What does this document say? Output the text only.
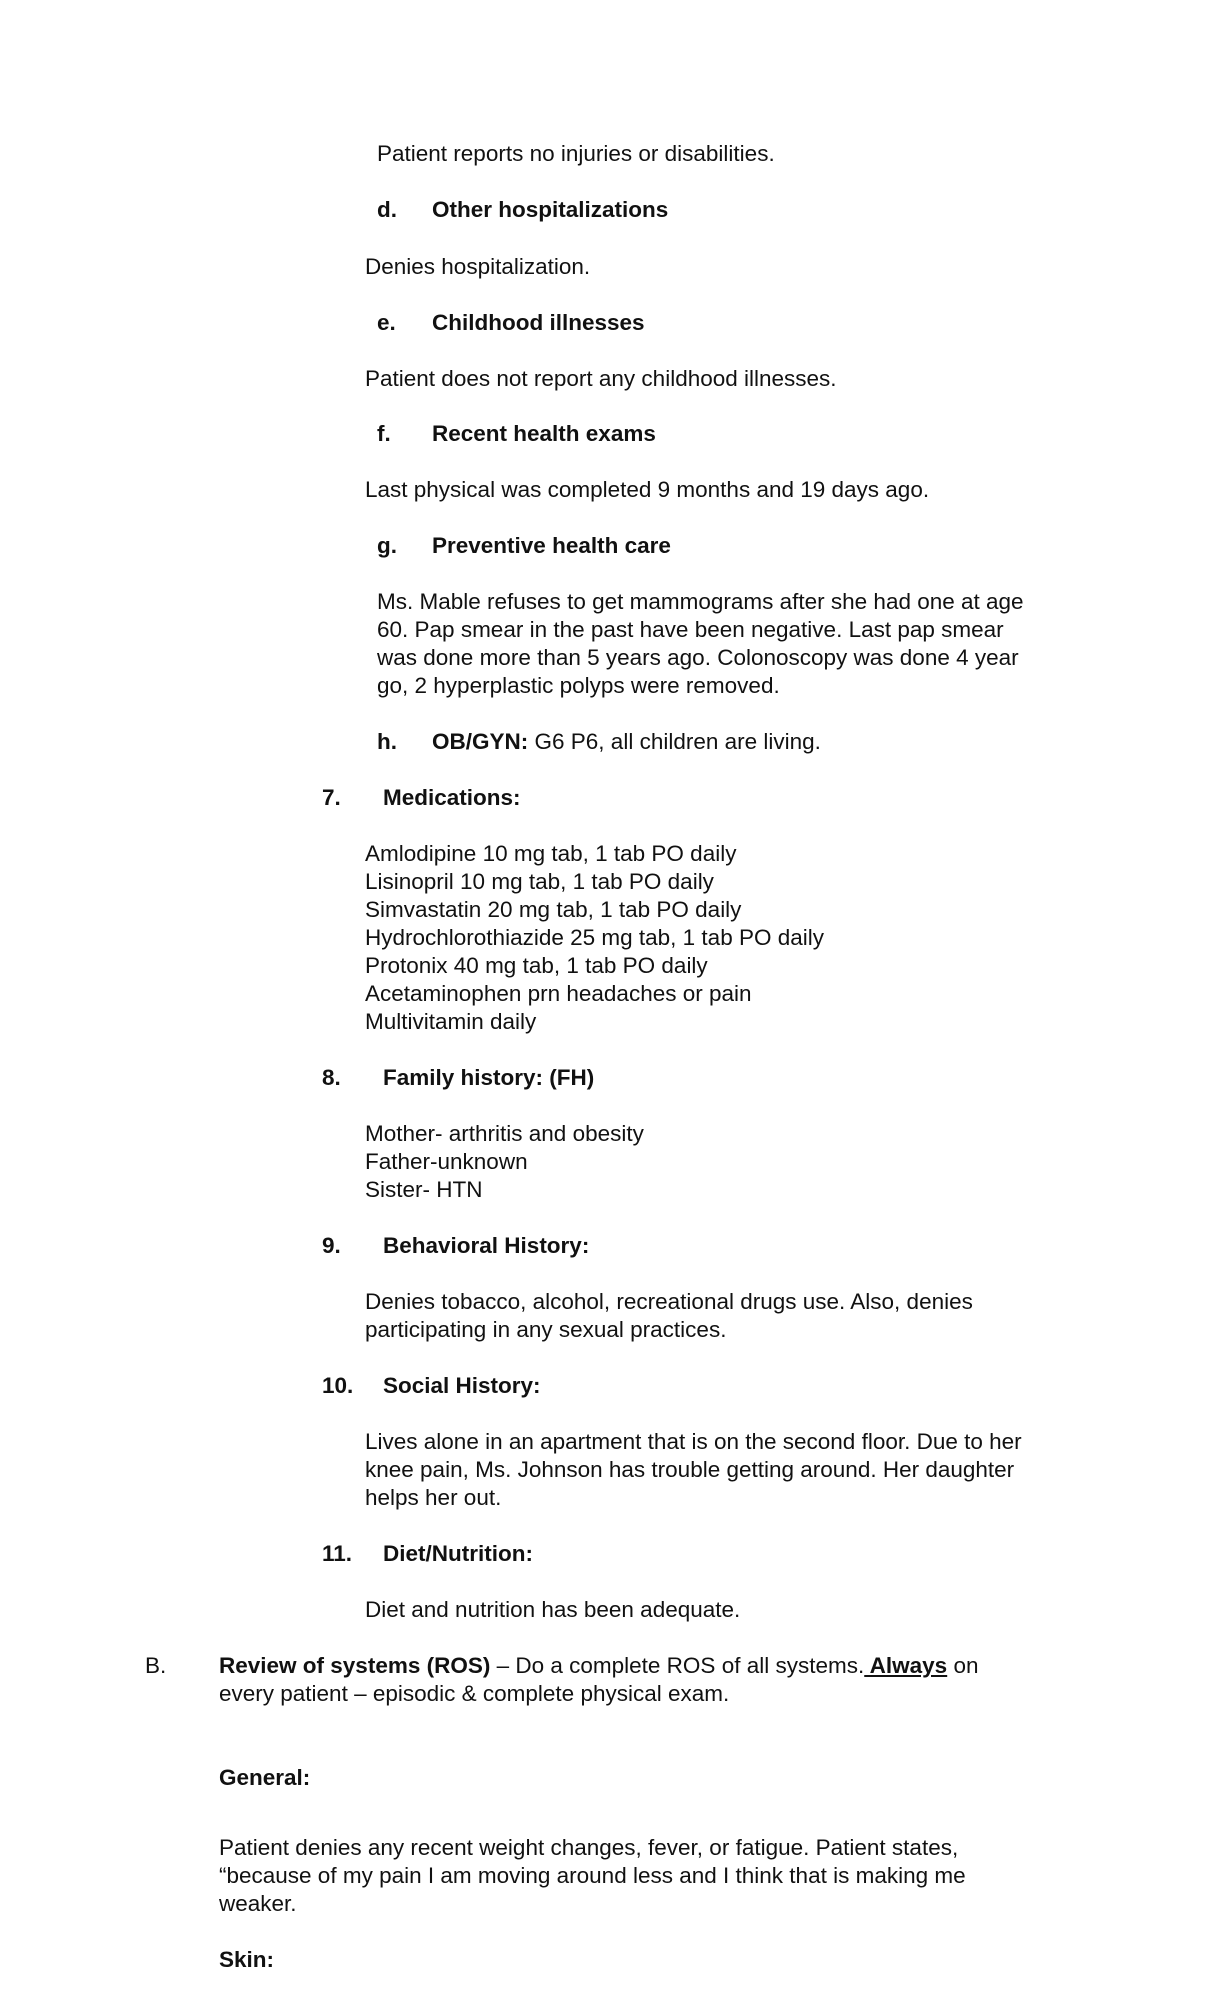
Patient reports no injuries or disabilities.
d. Other hospitalizations
Denies hospitalization.
e. Childhood illnesses
Patient does not report any childhood illnesses.
f. Recent health exams
Last physical was completed 9 months and 19 days ago.
g. Preventive health care
Ms. Mable refuses to get mammograms after she had one at age
60. Pap smear in the past have been negative. Last pap smear
was done more than 5 years ago. Colonoscopy was done 4 year
go, 2 hyperplastic polyps were removed.
h. OB/GYN: G6 P6, all children are living.
7. Medications:
Amlodipine 10 mg tab, 1 tab PO daily
Lisinopril 10 mg tab, 1 tab PO daily
Simvastatin 20 mg tab, 1 tab PO daily
Hydrochlorothiazide 25 mg tab, 1 tab PO daily
Protonix 40 mg tab, 1 tab PO daily
Acetaminophen prn headaches or pain
Multivitamin daily
8. Family history: (FH)
Mother- arthritis and obesity
Father-unknown
Sister- HTN
9. Behavioral History:
Denies tobacco, alcohol, recreational drugs use. Also, denies
participating in any sexual practices.
10. Social History:
Lives alone in an apartment that is on the second floor. Due to her
knee pain, Ms. Johnson has trouble getting around. Her daughter
helps her out.
11. Diet/Nutrition:
Diet and nutrition has been adequate.
B. Review of systems (ROS) – Do a complete ROS of all systems. Always on
every patient – episodic & complete physical exam.
General:
Patient denies any recent weight changes, fever, or fatigue. Patient states,
“because of my pain I am moving around less and I think that is making me
weaker.
Skin:
